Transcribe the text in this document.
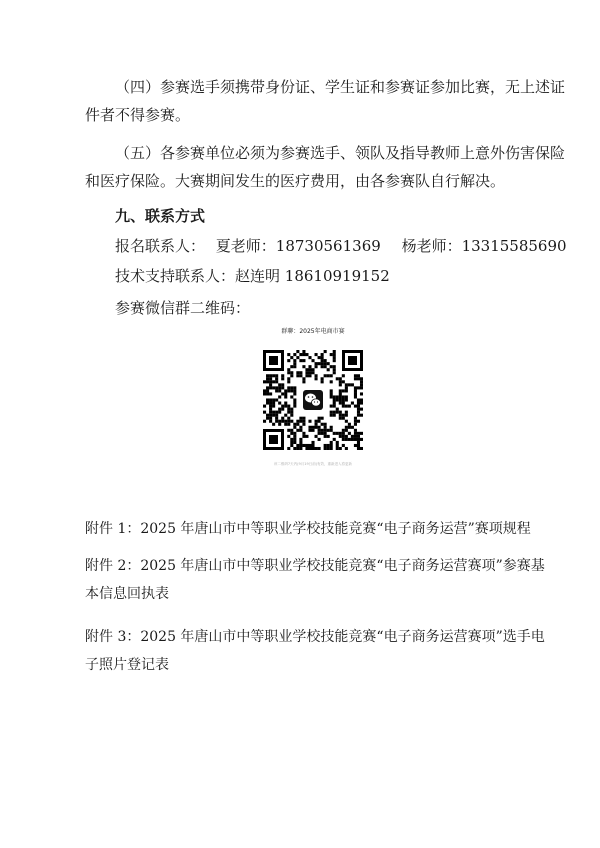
（四）参赛选手须携带身份证、学生证和参赛证参加比赛，无上述证
件者不得参赛。

（五）各参赛单位必须为参赛选手、领队及指导教师上意外伤害保险
和医疗保险。大赛期间发生的医疗费用，由各参赛队自行解决。

九、联系方式
报名联系人： 夏老师：18730561369 杨老师：13315585690
技术支持联系人：赵连明 18610919152
参赛微信群二维码：
群聊：2025年电商市赛
该二维码7天内(9月19日前)有效，重新进入将更新
附件 1：2025 年唐山市中等职业学校技能竞赛“电子商务运营”赛项规程
附件 2：2025 年唐山市中等职业学校技能竞赛“电子商务运营赛项”参赛基
本信息回执表
附件 3：2025 年唐山市中等职业学校技能竞赛“电子商务运营赛项”选手电
子照片登记表
